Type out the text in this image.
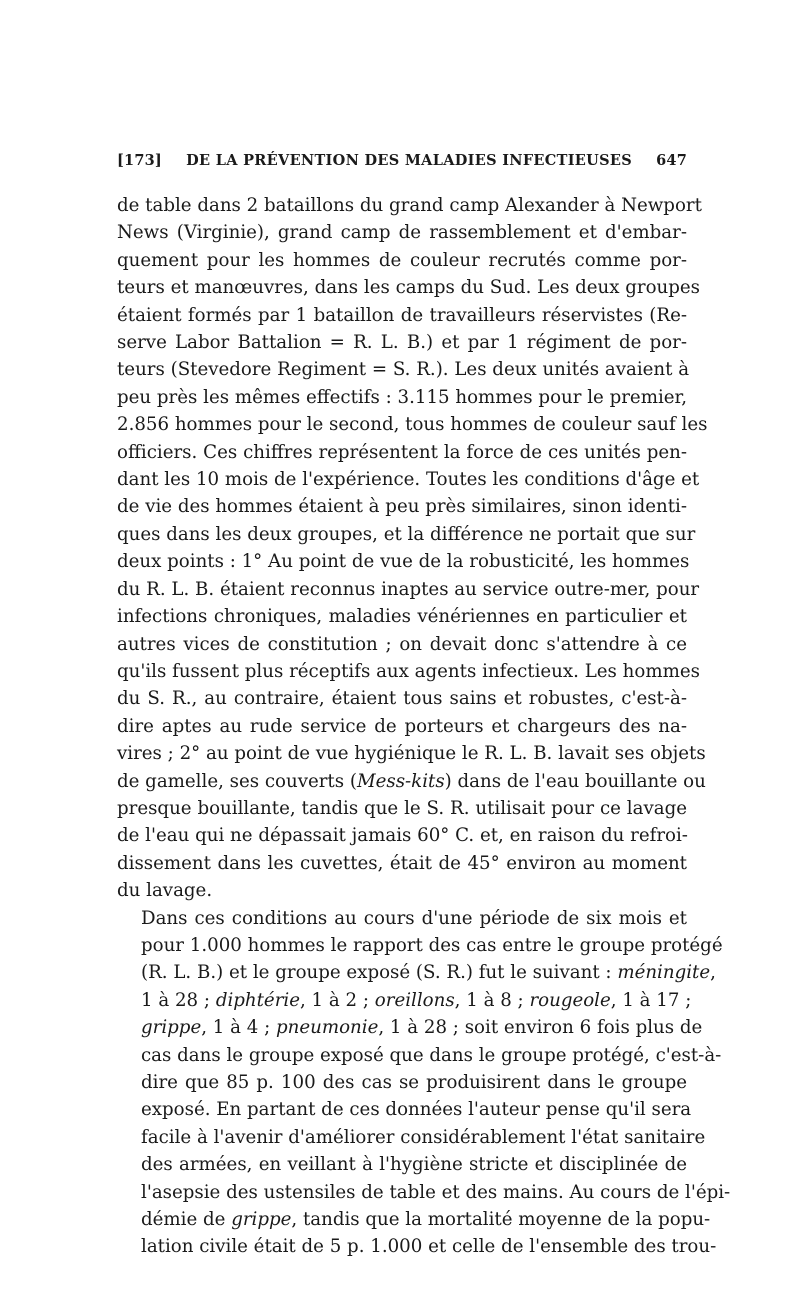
[173]	DE LA PRÉVENTION DES MALADIES INFECTIEUSES	647

de table dans 2 bataillons du grand camp Alexander à Newport
News (Virginie), grand camp de rassemblement et d'embar-
quement pour les hommes de couleur recrutés comme por-
teurs et manœuvres, dans les camps du Sud. Les deux groupes
étaient formés par 1 bataillon de travailleurs réservistes (Re-
serve Labor Battalion = R. L. B.) et par 1 régiment de por-
teurs (Stevedore Regiment = S. R.). Les deux unités avaient à
peu près les mêmes effectifs : 3.115 hommes pour le premier,
2.856 hommes pour le second, tous hommes de couleur sauf les
officiers. Ces chiffres représentent la force de ces unités pen-
dant les 10 mois de l'expérience. Toutes les conditions d'âge et
de vie des hommes étaient à peu près similaires, sinon identi-
ques dans les deux groupes, et la différence ne portait que sur
deux points : 1° Au point de vue de la robusticité, les hommes
du R. L. B. étaient reconnus inaptes au service outre-mer, pour
infections chroniques, maladies vénériennes en particulier et
autres vices de constitution ; on devait donc s'attendre à ce
qu'ils fussent plus réceptifs aux agents infectieux. Les hommes
du S. R., au contraire, étaient tous sains et robustes, c'est-à-
dire aptes au rude service de porteurs et chargeurs des na-
vires ; 2° au point de vue hygiénique le R. L. B. lavait ses objets
de gamelle, ses couverts (Mess-kits) dans de l'eau bouillante ou
presque bouillante, tandis que le S. R. utilisait pour ce lavage
de l'eau qui ne dépassait jamais 60° C. et, en raison du refroi-
dissement dans les cuvettes, était de 45° environ au moment
du lavage.

Dans ces conditions au cours d'une période de six mois et
pour 1.000 hommes le rapport des cas entre le groupe protégé
(R. L. B.) et le groupe exposé (S. R.) fut le suivant : méningite,
1 à 28 ; diphtérie, 1 à 2 ; oreillons, 1 à 8 ; rougeole, 1 à 17 ;
grippe, 1 à 4 ; pneumonie, 1 à 28 ; soit environ 6 fois plus de
cas dans le groupe exposé que dans le groupe protégé, c'est-à-
dire que 85 p. 100 des cas se produisirent dans le groupe
exposé. En partant de ces données l'auteur pense qu'il sera
facile à l'avenir d'améliorer considérablement l'état sanitaire
des armées, en veillant à l'hygiène stricte et disciplinée de
l'asepsie des ustensiles de table et des mains. Au cours de l'épi-
démie de grippe, tandis que la mortalité moyenne de la popu-
lation civile était de 5 p. 1.000 et celle de l'ensemble des trou-
